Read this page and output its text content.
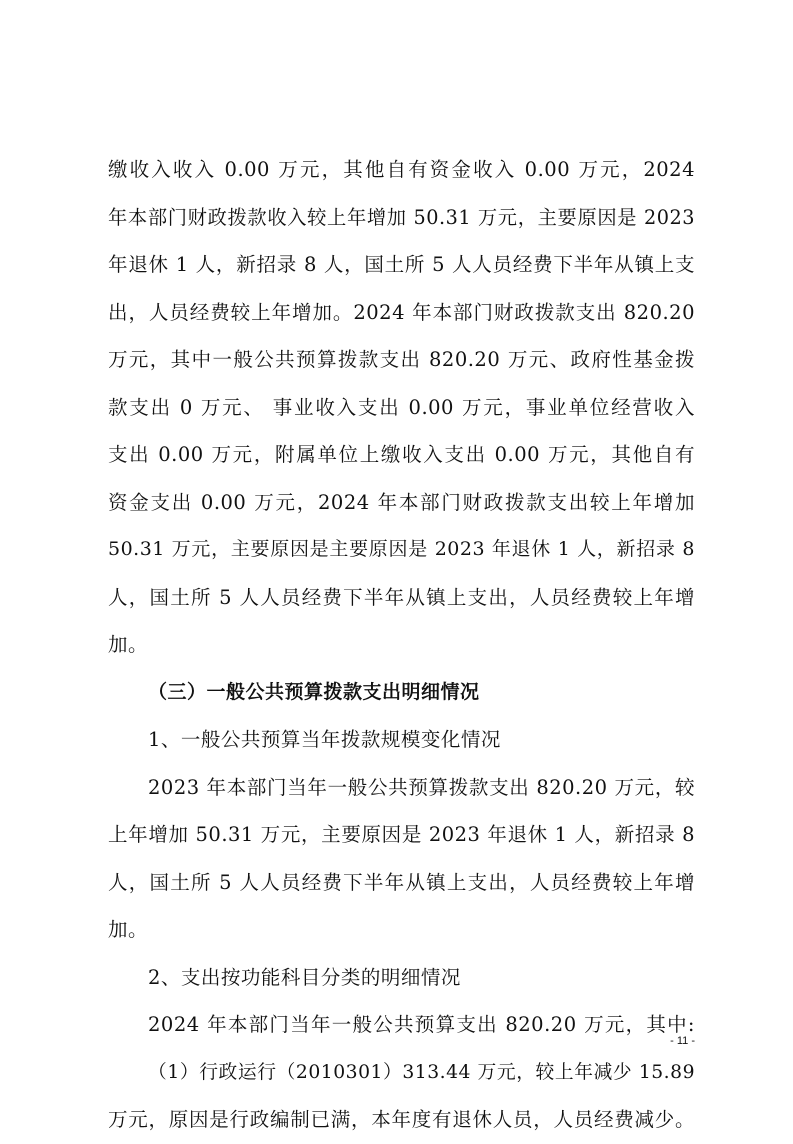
缴收入收入 0.00 万元，其他自有资金收入 0.00 万元，2024
年本部门财政拨款收入较上年增加 50.31 万元，主要原因是 2023
年退休 1 人，新招录 8 人，国土所 5 人人员经费下半年从镇上支
出，人员经费较上年增加。2024 年本部门财政拨款支出 820.20
万元，其中一般公共预算拨款支出 820.20 万元、政府性基金拨
款支出 0 万元、 事业收入支出 0.00 万元，事业单位经营收入
支出 0.00 万元，附属单位上缴收入支出 0.00 万元，其他自有
资金支出 0.00 万元，2024 年本部门财政拨款支出较上年增加
50.31 万元，主要原因是主要原因是 2023 年退休 1 人，新招录 8
人，国土所 5 人人员经费下半年从镇上支出，人员经费较上年增
加。
（三）一般公共预算拨款支出明细情况
1、一般公共预算当年拨款规模变化情况
2023 年本部门当年一般公共预算拨款支出 820.20 万元，较
上年增加 50.31 万元，主要原因是 2023 年退休 1 人，新招录 8
人，国土所 5 人人员经费下半年从镇上支出，人员经费较上年增
加。
2、支出按功能科目分类的明细情况
2024 年本部门当年一般公共预算支出 820.20 万元，其中:
（1）行政运行（2010301）313.44 万元，较上年减少 15.89
万元，原因是行政编制已满，本年度有退休人员，人员经费减少。
- 11 -
